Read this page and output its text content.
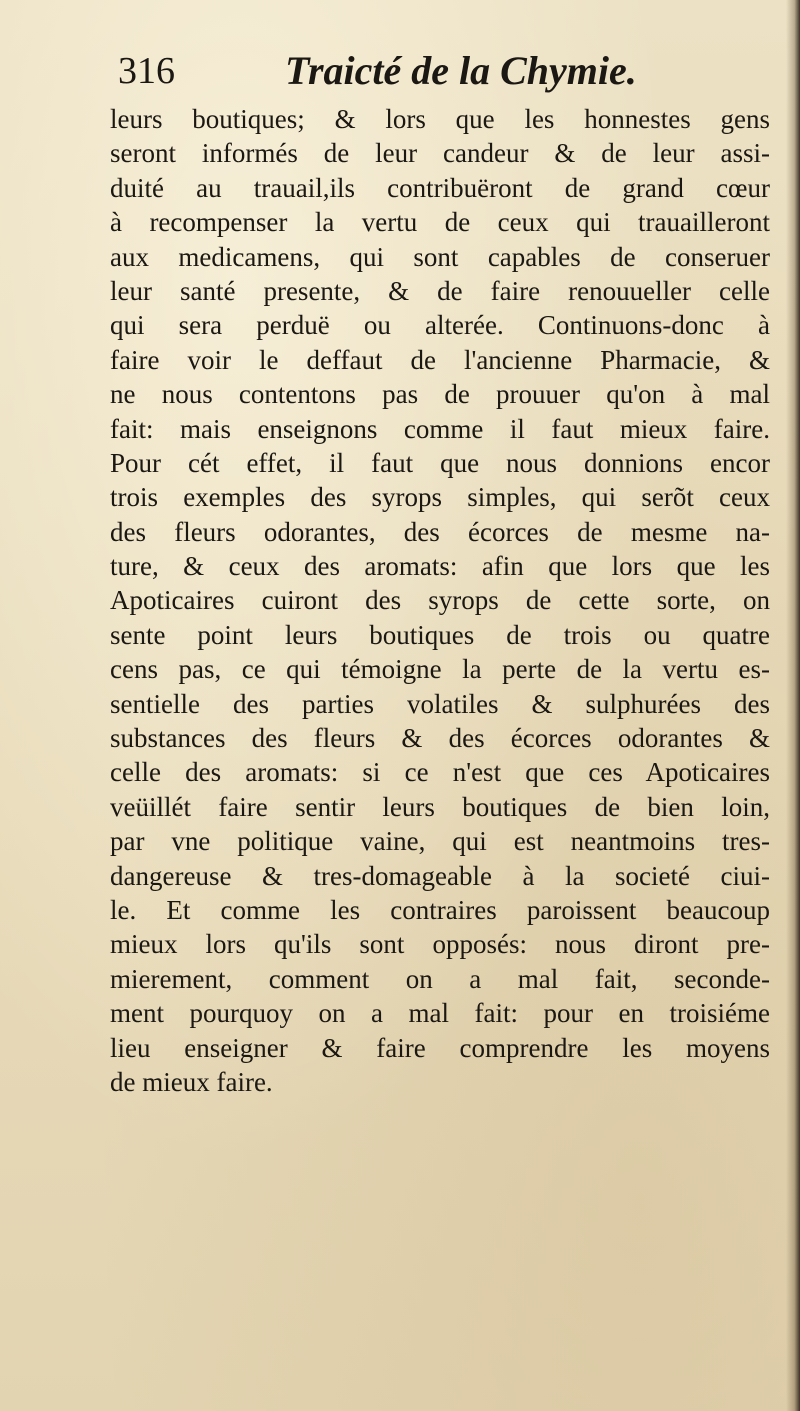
316	Traicté de la Chymie.
leurs boutiques; & lors que les honnestes gens
seront informés de leur candeur & de leur assi-
duité au trauail,ils contribuëront de grand cœur
à recompenser la vertu de ceux qui trauailleront
aux medicamens, qui sont capables de conseruer
leur santé presente, & de faire renouueller celle
qui sera perduë ou alterée. Continuons-donc à
faire voir le deffaut de l'ancienne Pharmacie, &
ne nous contentons pas de prouuer qu'on à mal
fait: mais enseignons comme il faut mieux faire.
Pour cét effet, il faut que nous donnions encor
trois exemples des syrops simples, qui serõt ceux
des fleurs odorantes, des écorces de mesme na-
ture, & ceux des aromats: afin que lors que les
Apoticaires cuiront des syrops de cette sorte, on
sente point leurs boutiques de trois ou quatre
cens pas, ce qui témoigne la perte de la vertu es-
sentielle des parties volatiles & sulphurées des
substances des fleurs & des écorces odorantes &
celle des aromats: si ce n'est que ces Apoticaires
veüillét faire sentir leurs boutiques de bien loin,
par vne politique vaine, qui est neantmoins tres-
dangereuse & tres-domageable à la societé ciui-
le. Et comme les contraires paroissent beaucoup
mieux lors qu'ils sont opposés: nous diront pre-
mierement, comment on a mal fait, seconde-
ment pourquoy on a mal fait: pour en troisiéme
lieu enseigner & faire comprendre les moyens
de mieux faire.
